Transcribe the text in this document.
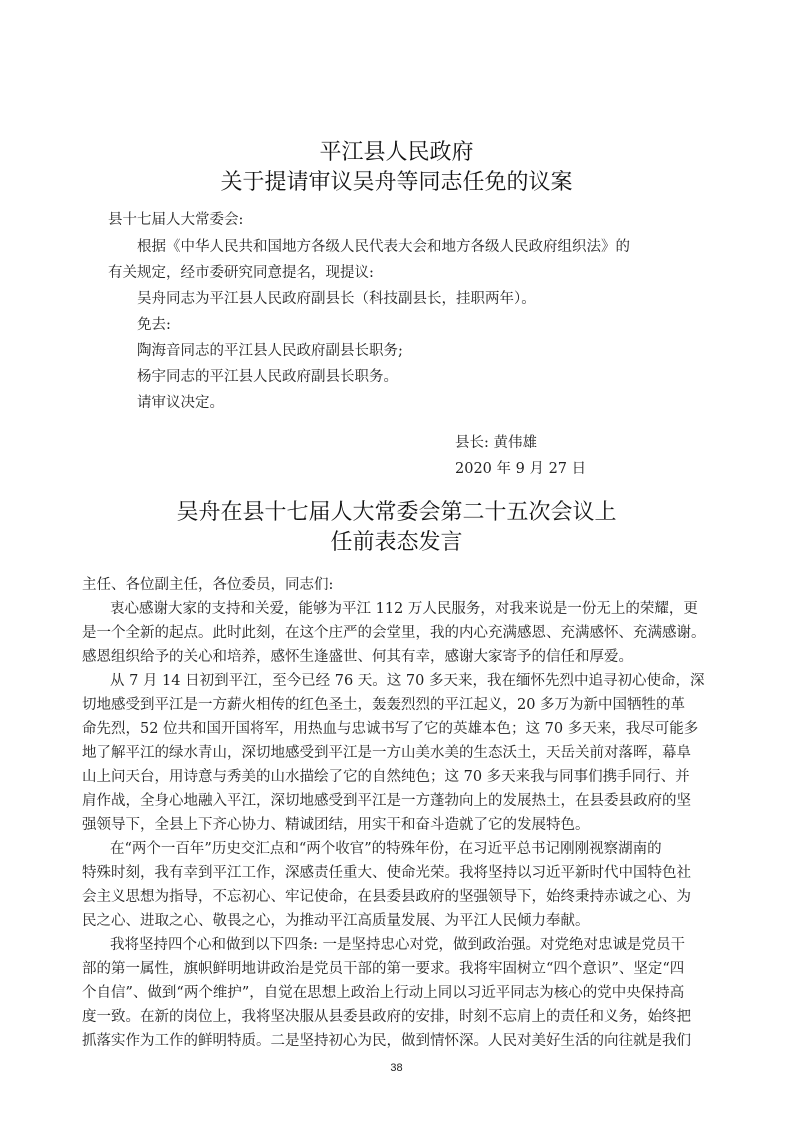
平江县人民政府
关于提请审议吴舟等同志任免的议案
县十七届人大常委会:
根据《中华人民共和国地方各级人民代表大会和地方各级人民政府组织法》的
有关规定，经市委研究同意提名，现提议:
吴舟同志为平江县人民政府副县长（科技副县长，挂职两年）。
免去:
陶海音同志的平江县人民政府副县长职务;
杨宇同志的平江县人民政府副县长职务。
请审议决定。
县长: 黄伟雄
2020 年 9 月 27 日
吴舟在县十七届人大常委会第二十五次会议上
任前表态发言
主任、各位副主任，各位委员，同志们:
衷心感谢大家的支持和关爱，能够为平江 112 万人民服务，对我来说是一份无上的荣耀，更
是一个全新的起点。此时此刻，在这个庄严的会堂里，我的内心充满感恩、充满感怀、充满感谢。
感恩组织给予的关心和培养，感怀生逢盛世、何其有幸，感谢大家寄予的信任和厚爱。
从 7 月 14 日初到平江，至今已经 76 天。这 70 多天来，我在缅怀先烈中追寻初心使命，深
切地感受到平江是一方薪火相传的红色圣土，轰轰烈烈的平江起义，20 多万为新中国牺牲的革
命先烈，52 位共和国开国将军，用热血与忠诚书写了它的英雄本色；这 70 多天来，我尽可能多
地了解平江的绿水青山，深切地感受到平江是一方山美水美的生态沃土，天岳关前对落晖，幕阜
山上问天台，用诗意与秀美的山水描绘了它的自然纯色；这 70 多天来我与同事们携手同行、并
肩作战，全身心地融入平江，深切地感受到平江是一方蓬勃向上的发展热土，在县委县政府的坚
强领导下，全县上下齐心协力、精诚团结，用实干和奋斗造就了它的发展特色。
在“两个一百年”历史交汇点和“两个收官”的特殊年份，在习近平总书记刚刚视察湖南的
特殊时刻，我有幸到平江工作，深感责任重大、使命光荣。我将坚持以习近平新时代中国特色社
会主义思想为指导，不忘初心、牢记使命，在县委县政府的坚强领导下，始终秉持赤诚之心、为
民之心、进取之心、敬畏之心，为推动平江高质量发展、为平江人民倾力奉献。
我将坚持四个心和做到以下四条: 一是坚持忠心对党，做到政治强。对党绝对忠诚是党员干
部的第一属性，旗帜鲜明地讲政治是党员干部的第一要求。我将牢固树立“四个意识”、坚定“四
个自信”、做到“两个维护”，自觉在思想上政治上行动上同以习近平同志为核心的党中央保持高
度一致。在新的岗位上，我将坚决服从县委县政府的安排，时刻不忘肩上的责任和义务，始终把
抓落实作为工作的鲜明特质。二是坚持初心为民，做到情怀深。人民对美好生活的向往就是我们
38
